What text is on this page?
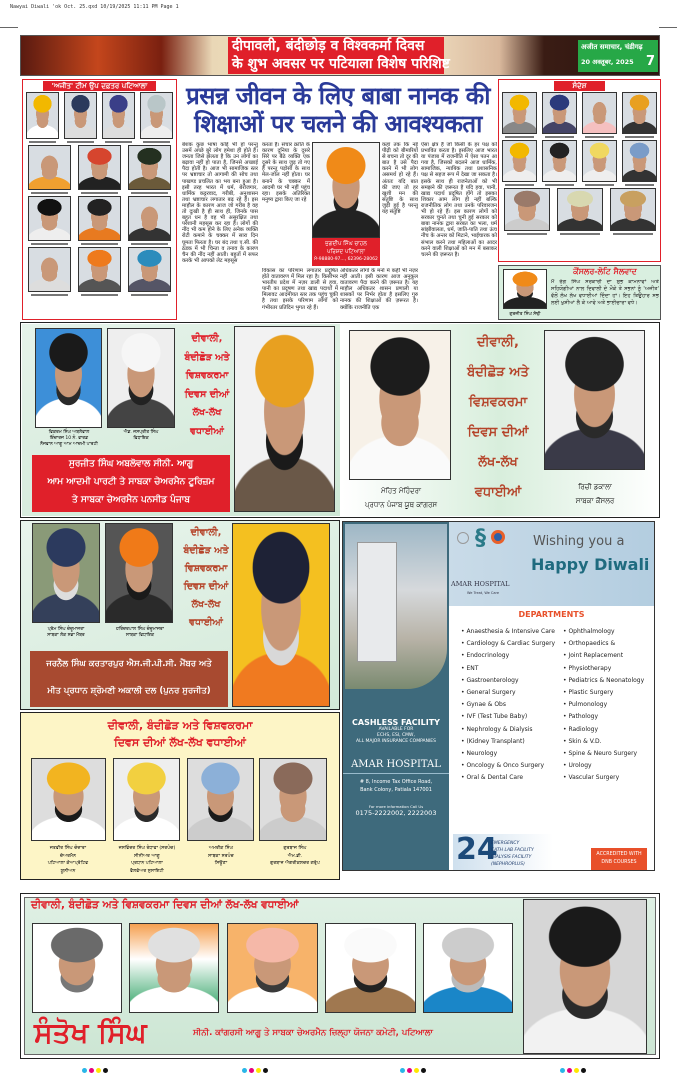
Nawyai Diwali 'ok Oct. 25.qxd 10/19/2025 11:11 PM Page 1
दीपावली, बंदीछोड़ व विश्वकर्मा दिवस
के शुभ अवसर पर पटियाला विशेष परिशिष्ट
अजीत समाचार, चंडीगढ़
20 अक्तूबर, 2025 7
'ਅਜੀਤ' ਟੀਮ ਉਪ ਦਫ਼ਤਰ ਪਟਿਆਲਾ	प्रसन्न जीवन के लिए बाबा नानक की
शिक्षाओं पर चलने की आवश्यकता
बेशक कुछ भाषा कोई भी हो परन्तु उसमें अच्छे बुरे लोग हमेशा ही होते हैं। जनता जिसे झेलता है कि उन लोगों का बढ़ावा नहीं हो पाता है, जिनसे अच्छाई पैदा होती है। आज भी सामाजिक स्तर पर भ्रष्टाचार तो आगामी की सोच तथा पाखण्ड प्रचलित का भय बना हुआ है। इसी तरह भारत में धर्म, बेरोजगार, धार्मिक कट्टरवाद, गरीबी, अनुशासन तथा भ्रष्टाचार लगातार बढ़ रहे हैं। इस माहौल के कारण आज जो गरीब है वह तो दुःखी है ही साथ ही, जिनके पास बहुत धन है वह भी असुरक्षित तथा परेशानी महसूस कर रहा है। लोगों की नींद भी कम होने के लिए अनेक व्यक्ति रोटी कमाने के चक्कर में सारा दिन घूमता फिरता है। घर बंद तथा ए.सी. की ठंडक में भी चिन्ता व तनाव के कारण चैन की नींद नहीं आती। बहुतों में सफर करके भी आपको लेट महसूस
करता है। संचार क्रांति के कारण दुनिया के दूसरे सिरे पर बैठे व्यक्ति एक दूसरे के साथ जुड़ तो गए हैं परन्तु पड़ोसी के साथ मेल-जोल नहीं होता। घर बनाने के चक्कर में आदमी घर भी नहीं पहुंच रहा। इसके अतिरिक्त मनुष्य द्वारा किए जा रहे
ਜੁਗਦੀਪ ਸਿੰਘ ਚਾਹਲ
ਪਰਿਸ਼ਦ ਪਟਿਆਲਾ
ਮੋ-98880-97..., 62396-28062
कहां तक कि नई पीढ़ी को बीमारियों से बचना तो दूर की बात है उसे पैदा करने में भी लोग असमर्थ हो रहे हैं। अंततः यदि बात की जाए तो हर खुशी मन की संतुष्टि के साथ जुड़ी हुई है परन्तु यह संतुष्टि
विकास का परिणाम लगातार प्रदूषित होते वातावरण में मिल रहा है। किसीभर भारतीय प्रदेश में नज़र डाली से हवा, पानी का प्रदूषण तथा खाद्य पदार्थों में मिलावट आदमीयत स्तर तक पहुंच चुकी है तथा इसके परिणाम लोगों को गंभीरतर प्रतिदिन भुगत रहे हैं।
अधिकतर लोगों के मनों में कहीं भी नज़र नहीं आती। इसी कारण आज अनुकूल वातावरण पैदा करने की ज़रूरत है। यह माहौल अधिकतर शासन प्रणाली या शासकों पर निर्भर होता है इसलिए गुरु नानक की शिक्षाओं की ज़रूरत है। क्योंकि राजनीति एक
ऐसा क्षेत्र है जो किसी के हर पक्ष को प्रभावित करता है। इसलिए आज भारत या पंजाब में राजनीति में ऐसा पतन आ गया है, जिसको बदलने आज धार्मिक, सामाजिक, न्यायिक तथा प्रशासनिक पक्ष से सहज रूप में देखा जा सकता है। इसके साथ ही राजनेताओं को भी समझने की ज़रूरत है यदि हवा, पानी, खाद्य पदार्थ प्रदूषित होंगे तो इसका शिकार आम लोग ही नहीं बल्कि राजनीतिक लोग तथा उनके परिवारजन भी हो रहे हैं। इस कारण लोगों को सरकार चुनते तथा चुनी हुई सरकार को बाबा नानक द्वारा सरबत का भला, धर्म सांझीवालता, धर्म, जाति-पाति तथा ऊंच नीच के अन्तर को मिटाने, भाईचारक को संभाल करने तथा महिलाओं का आदर करने वाली शिक्षाओं को मन में बसाकर चलने की ज़रूरत है।
ਸੰਦੇਸ਼
ਗੁਰਜੀਤ ਸਿੰਘ ਸੋਢੀ
ਕੌਂਸਲਰ-ਲੋਟਿ ਸੈਲਵਾਦ
ਮੈਂ ਰੰਗ ਸਿੰਘ ਸਰਕਾਰੀ ਦਾ ਸ਼ੁਭ ਕਾਮਨਾਵਾਂ ਅਤੇ ਸਹਿਯੋਗੀਆਂ ਨਾਲ ਦਿਵਾਲੀ ਦੇ ਮੌਕੇ ਤੇ ਸਭਨਾਂ ਨੂੰ 'ਅਜੀਤ' ਵੱਲੋਂ ਲੱਖ ਲੱਖ ਵਧਾਈਆਂ ਦਿੰਦਾ ਹਾਂ। ਇਹ ਤਿਉਹਾਰ ਸਭ ਲਈ ਖੁਸ਼ੀਆਂ ਲੈ ਕੇ ਆਵੇ ਅਤੇ ਭਾਈਚਾਰਾ ਵਧੇ।
ਵਿਕਰਮ ਸਿੰਘ ਅਬਲੋਵਾਲ
ਇੰਚਾਰਜ 10 ਨੰ. ਵਾਰਡ
ਨੌਜਵਾਨ ਆਗੂ ਆਮ ਆਦਮੀ ਪਾਰਟੀ
ਐਡ. ਜਸਪ੍ਰੀਤ ਸਿੰਘ
ਵਿਧਾਇਕ
ਦੀਵਾਲੀ,
ਬੰਦੀਛੋੜ ਅਤੇ
ਵਿਸ਼ਵਕਰਮਾ
ਦਿਵਸ ਦੀਆਂ
ਲੱਖ-ਲੱਖ
ਵਧਾਈਆਂ
ਸੁਰਜੀਤ ਸਿੰਘ ਅਬਲੋਵਾਲ ਸੀਨੀ. ਆਗੂ
ਆਮ ਆਦਮੀ ਪਾਰਟੀ ਤੇ ਸਾਬਕਾ ਚੇਅਰਮੈਨ ਟੂਰਿਜ਼ਮ
ਤੇ ਸਾਬਕਾ ਚੇਅਰਮੈਨ ਪਨਸੀਡ ਪੰਜਾਬ
ਮੋਹਿਤ ਮੋਹਿੰਦਰਾ
ਪ੍ਰਧਾਨ ਪੰਜਾਬ ਯੂਥ ਕਾਂਗਰਸ
ਦੀਵਾਲੀ,
ਬੰਦੀਛੋੜ ਅਤੇ
ਵਿਸ਼ਵਕਰਮਾ
ਦਿਵਸ ਦੀਆਂ
ਲੱਖ-ਲੱਖ
ਵਧਾਈਆਂ	ਰਿਚੀ ਡਕਾਲਾ
ਸਾਬਕਾ ਕੌਂਸਲਰ
ਪ੍ਰੇਮ ਸਿੰਘ ਚੰਦੂਮਾਜਰਾ
ਸਾਬਕਾ ਲੋਕ ਸਭਾ ਮੈਂਬਰ
ਹਰਿੰਦਰਪਾਲ ਸਿੰਘ ਚੰਦੂਮਾਜਰਾ
ਸਾਬਕਾ ਵਿਧਾਇਕ
ਦੀਵਾਲੀ,
ਬੰਦੀਛੋੜ ਅਤੇ
ਵਿਸ਼ਵਕਰਮਾ
ਦਿਵਸ ਦੀਆਂ
ਲੱਖ-ਲੱਖ
ਵਧਾਈਆਂ
ਜਰਨੈਲ ਸਿੰਘ ਕਰਤਾਰਪੁਰ ਐਸ.ਜੀ.ਪੀ.ਸੀ. ਮੈਂਬਰ ਅਤੇ
ਮੀਤ ਪ੍ਰਧਾਨ ਸ਼੍ਰੋਮਣੀ ਅਕਾਲੀ ਦਲ (ਪੁਨਰ ਸੁਰਜੀਤ)
ਦੀਵਾਲੀ, ਬੰਦੀਛੋੜ ਅਤੇ ਵਿਸ਼ਵਕਰਮਾ
ਦਿਵਸ ਦੀਆਂ ਲੱਖ-ਲੱਖ ਵਧਾਈਆਂ
ਜਤਵੀਰ ਸਿੰਘ ਚੰਦਾਰਾ
ਚੇਅਰਮੈਨ
ਪਟਿਆਲਾ ਕੋਆਪ੍ਰੇਟਿਵ
ਯੂਨੀਅਨ
ਜਸਵਿੰਦਰ ਸਿੰਘ ਰੰਧਾਵਾ (ਸਰਪੰਚ)
ਸੀਨੀਅਰ ਆਗੂ
ਪ੍ਰਧਾਨ ਪਟਿਆਲਾ
ਵੈਲਫੇਅਰ ਸੁਸਾਇਟੀ
ਅਮਰੀਕ ਸਿੰਘ
ਸਾਬਕਾ ਸਰਪੰਚ
ਸਿਊਣਾ
ਗੁਰਬਾਜ ਸਿੰਘ
ਐਮ.ਡੀ.
ਗੁਰਬਾਜ ਐਗਰੀਕਲਚਰ ਗਰੁੱਪ
CASHLESS FACILITY
AVAILABLE FOR
ECHS, ESI, CMW,
ALL MAJOR INSURANCE COMPANIES
AMAR HOSPITAL
# 8, Income Tax Office Road,
Bank Colony, Patiala 147001
For more information Call Us
0175-2222002, 2222003
§
AMAR HOSPITAL
We Treat, We Care
Wishing you a
Happy Diwali
DEPARTMENTS
• Anaesthesia & Intensive Care
• Cardiology & Cardiac Surgery
• Endocrinology
• ENT
• Gastroenterology
• General Surgery
• Gynae & Obs
• IVF (Test Tube Baby)
• Nephrology & Dialysis
• (Kidney Transplant)
• Neurology
• Oncology & Onco Surgery
• Oral & Dental Care
• Ophthalmology
• Orthopaedics &
• Joint Replacement
• Physiotherapy
• Pediatrics & Neonatology
• Plastic Surgery
• Pulmonology
• Pathology
• Radiology
• Skin & V.D.
• Spine & Neuro Surgery
• Urology
• Vascular Surgery
24
EMERGENCY
CATH LAB FACILITY
DIALYSIS FACILITY (NEPHROPLUS)
ACCREDITED WITH
DNB COURSES
ਦੀਵਾਲੀ, ਬੰਦੀਛੋੜ ਅਤੇ ਵਿਸ਼ਵਕਰਮਾ ਦਿਵਸ ਦੀਆਂ ਲੱਖ-ਲੱਖ ਵਧਾਈਆਂ
ਸੰਤੋਖ ਸਿੰਘ	ਸੀਨੀ. ਕਾਂਗਰਸੀ ਆਗੂ ਤੇ ਸਾਬਕਾ ਚੇਅਰਮੈਨ ਜ਼ਿਲ੍ਹਾ ਯੋਜਨਾ ਕਮੇਟੀ, ਪਟਿਆਲਾ
